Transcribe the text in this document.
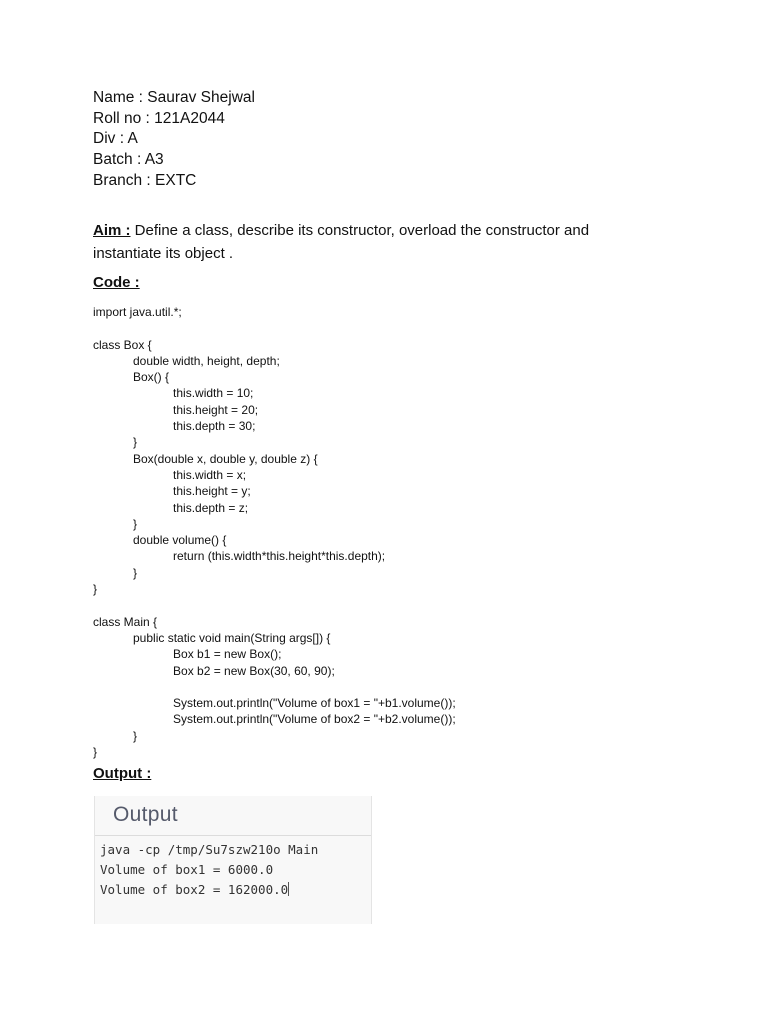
Name : Saurav Shejwal
Roll no : 121A2044
Div : A
Batch : A3
Branch : EXTC
Aim : Define a class, describe its constructor, overload the constructor and instantiate its object .
Code :
import java.util.*;
class Box {
double width, height, depth;
Box() {
this.width = 10;
this.height = 20;
this.depth = 30;
}
Box(double x, double y, double z) {
this.width = x;
this.height = y;
this.depth = z;
}
double volume() {
return (this.width*this.height*this.depth);
}
}
class Main {
public static void main(String args[]) {
Box b1 = new Box();
Box b2 = new Box(30, 60, 90);
System.out.println("Volume of box1 = "+b1.volume());
System.out.println("Volume of box2 = "+b2.volume());
}
}
Output :
Output
java -cp /tmp/Su7szw210o Main
Volume of box1 = 6000.0
Volume of box2 = 162000.0
